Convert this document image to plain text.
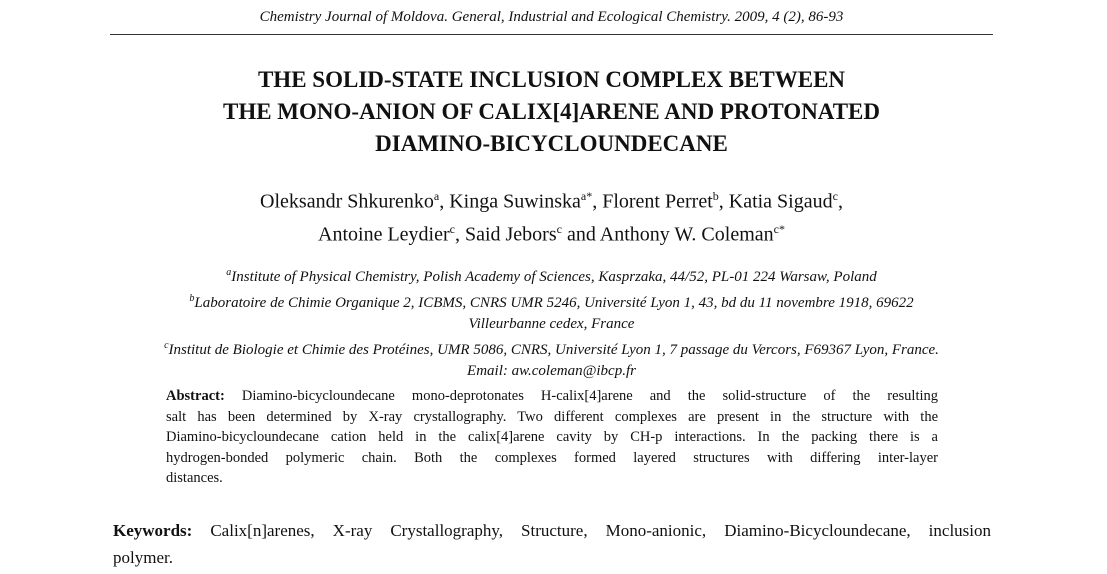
Chemistry Journal of Moldova. General, Industrial and Ecological Chemistry. 2009, 4 (2), 86-93
THE SOLID-STATE INCLUSION COMPLEX BETWEEN
THE MONO-ANION OF CALIX[4]ARENE AND PROTONATED
DIAMINO-BICYCLOUNDECANE
Oleksandr Shkurenko$^a$, Kinga Suwinska$^{a*}$, Florent Perret$^b$, Katia Sigaud$^c$,
Antoine Leydier$^c$, Said Jebors$^c$ and Anthony W. Coleman$^{c*}$
$^a$Institute of Physical Chemistry, Polish Academy of Sciences, Kasprzaka, 44/52, PL-01 224 Warsaw, Poland
$^b$Laboratoire de Chimie Organique 2, ICBMS, CNRS UMR 5246, Université Lyon 1, 43, bd du 11 novembre 1918, 69622
Villeurbanne cedex, France
$^c$Institut de Biologie et Chimie des Protéines, UMR 5086, CNRS, Université Lyon 1, 7 passage du Vercors, F69367 Lyon, France.
Email: aw.coleman@ibcp.fr
Abstract: Diamino-bicycloundecane mono-deprotonates H-calix[4]arene and the solid-structure of the resulting
salt has been determined by X-ray crystallography. Two different complexes are present in the structure with the
Diamino-bicycloundecane cation held in the calix[4]arene cavity by CH-p interactions. In the packing there is a
hydrogen-bonded polymeric chain. Both the complexes formed layered structures with differing inter-layer
distances.
Keywords: Calix[n]arenes, X-ray Crystallography, Structure, Mono-anionic, Diamino-Bicycloundecane, inclusion
polymer.
